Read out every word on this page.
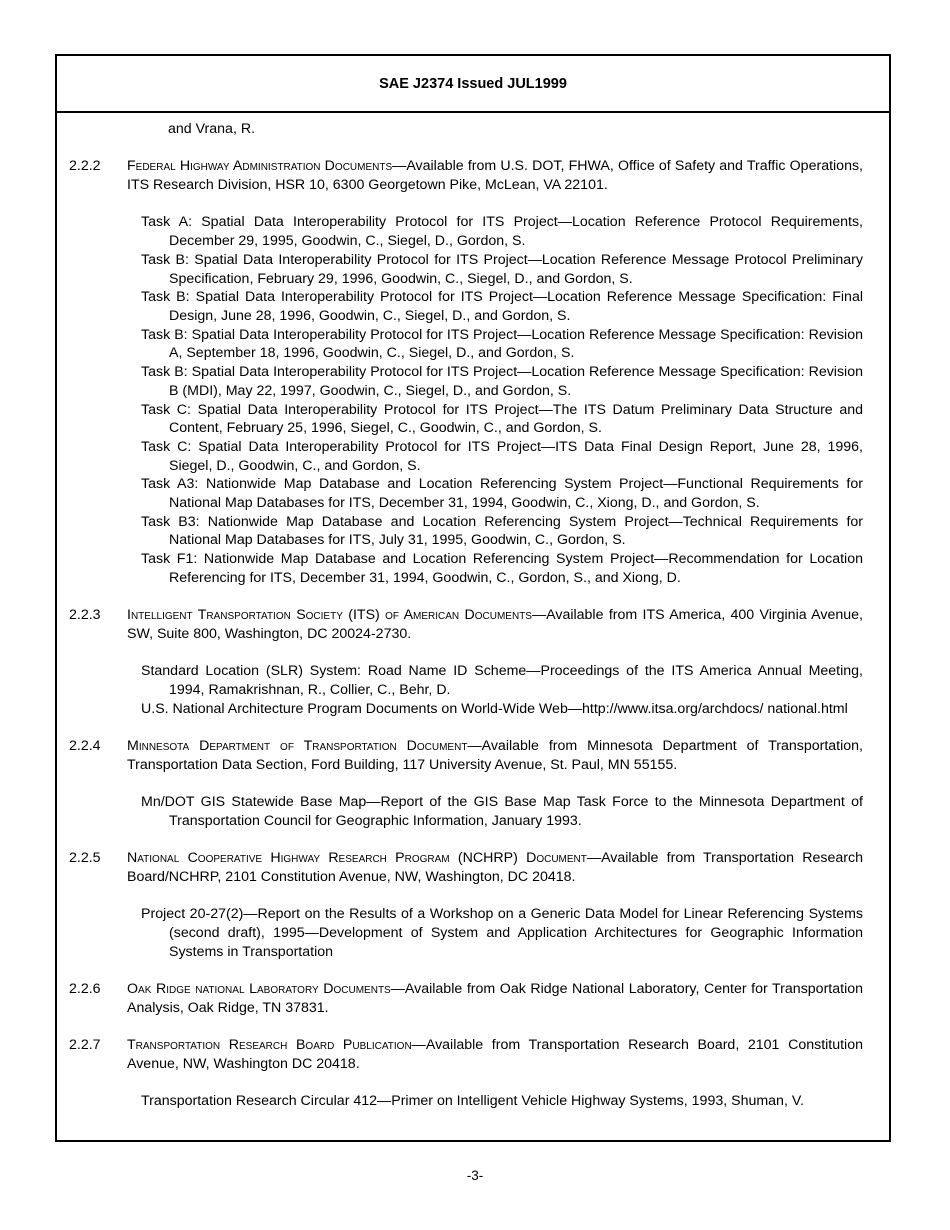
SAE J2374 Issued JUL1999
and Vrana, R.
2.2.2	Federal Highway Administration Documents—Available from U.S. DOT, FHWA, Office of Safety and Traffic Operations, ITS Research Division, HSR 10, 6300 Georgetown Pike, McLean, VA 22101.
Task A: Spatial Data Interoperability Protocol for ITS Project—Location Reference Protocol Requirements, December 29, 1995, Goodwin, C., Siegel, D., Gordon, S.
Task B: Spatial Data Interoperability Protocol for ITS Project—Location Reference Message Protocol Preliminary Specification, February 29, 1996, Goodwin, C., Siegel, D., and Gordon, S.
Task B: Spatial Data Interoperability Protocol for ITS Project—Location Reference Message Specification: Final Design, June 28, 1996, Goodwin, C., Siegel, D., and Gordon, S.
Task B: Spatial Data Interoperability Protocol for ITS Project—Location Reference Message Specification: Revision A, September 18, 1996, Goodwin, C., Siegel, D., and Gordon, S.
Task B: Spatial Data Interoperability Protocol for ITS Project—Location Reference Message Specification: Revision B (MDI), May 22, 1997, Goodwin, C., Siegel, D., and Gordon, S.
Task C: Spatial Data Interoperability Protocol for ITS Project—The ITS Datum Preliminary Data Structure and Content, February 25, 1996, Siegel, C., Goodwin, C., and Gordon, S.
Task C: Spatial Data Interoperability Protocol for ITS Project—ITS Data Final Design Report, June 28, 1996, Siegel, D., Goodwin, C., and Gordon, S.
Task A3: Nationwide Map Database and Location Referencing System Project—Functional Requirements for National Map Databases for ITS, December 31, 1994, Goodwin, C., Xiong, D., and Gordon, S.
Task B3: Nationwide Map Database and Location Referencing System Project—Technical Requirements for National Map Databases for ITS, July 31, 1995, Goodwin, C., Gordon, S.
Task F1: Nationwide Map Database and Location Referencing System Project—Recommendation for Location Referencing for ITS, December 31, 1994, Goodwin, C., Gordon, S., and Xiong, D.
2.2.3	Intelligent Transportation Society (ITS) of American Documents—Available from ITS America, 400 Virginia Avenue, SW, Suite 800, Washington, DC 20024-2730.
Standard Location (SLR) System: Road Name ID Scheme—Proceedings of the ITS America Annual Meeting, 1994, Ramakrishnan, R., Collier, C., Behr, D.
U.S. National Architecture Program Documents on World-Wide Web—http://www.itsa.org/archdocs/ national.html
2.2.4	Minnesota Department of Transportation Document—Available from Minnesota Department of Transportation, Transportation Data Section, Ford Building, 117 University Avenue, St. Paul, MN 55155.
Mn/DOT GIS Statewide Base Map—Report of the GIS Base Map Task Force to the Minnesota Department of Transportation Council for Geographic Information, January 1993.
2.2.5	National Cooperative Highway Research Program (NCHRP) Document—Available from Transportation Research Board/NCHRP, 2101 Constitution Avenue, NW, Washington, DC 20418.
Project 20-27(2)—Report on the Results of a Workshop on a Generic Data Model for Linear Referencing Systems (second draft), 1995—Development of System and Application Architectures for Geographic Information Systems in Transportation
2.2.6	Oak Ridge national Laboratory Documents—Available from Oak Ridge National Laboratory, Center for Transportation Analysis, Oak Ridge, TN 37831.
2.2.7	Transportation Research Board Publication—Available from Transportation Research Board, 2101 Constitution Avenue, NW, Washington DC 20418.
Transportation Research Circular 412—Primer on Intelligent Vehicle Highway Systems, 1993, Shuman, V.
-3-
